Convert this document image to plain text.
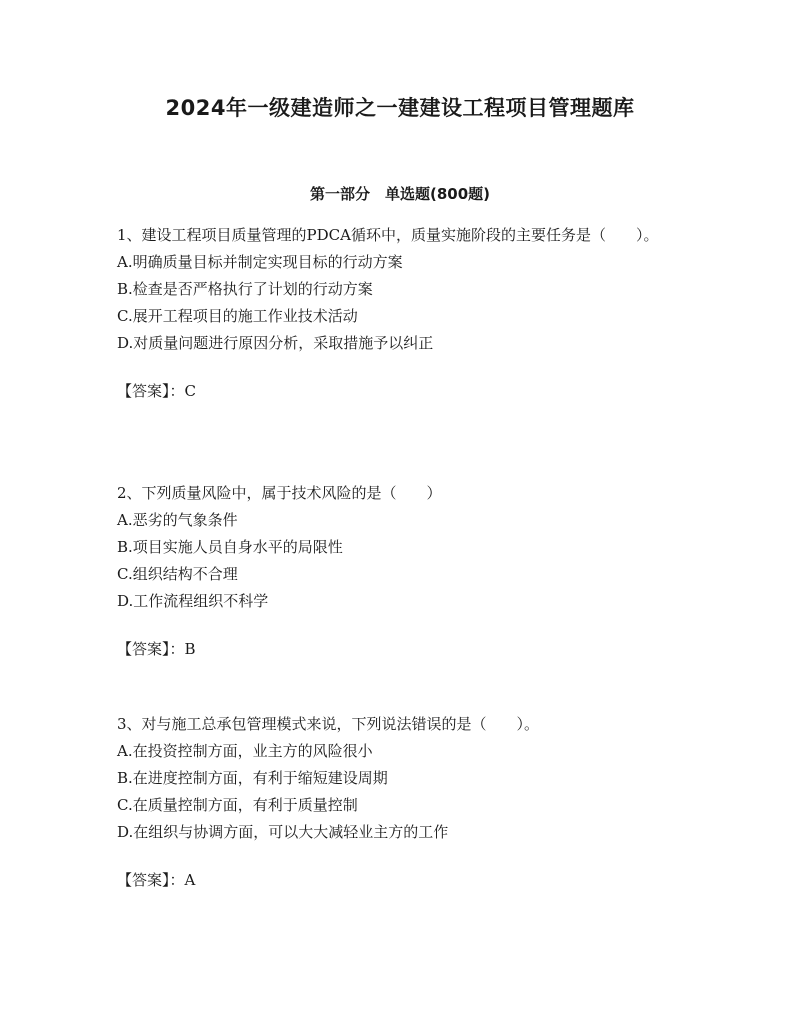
2024年一级建造师之一建建设工程项目管理题库
第一部分　单选题(800题)

1、建设工程项目质量管理的PDCA循环中，质量实施阶段的主要任务是（　　）。

A.明确质量目标并制定实现目标的行动方案

B.检查是否严格执行了计划的行动方案

C.展开工程项目的施工作业技术活动

D.对质量问题进行原因分析，采取措施予以纠正

【答案】：C

2、下列质量风险中，属于技术风险的是（　　）

A.恶劣的气象条件

B.项目实施人员自身水平的局限性

C.组织结构不合理

D.工作流程组织不科学

【答案】：B

3、对与施工总承包管理模式来说，下列说法错误的是（　　）。

A.在投资控制方面，业主方的风险很小

B.在进度控制方面，有利于缩短建设周期

C.在质量控制方面，有利于质量控制

D.在组织与协调方面，可以大大减轻业主方的工作

【答案】：A
